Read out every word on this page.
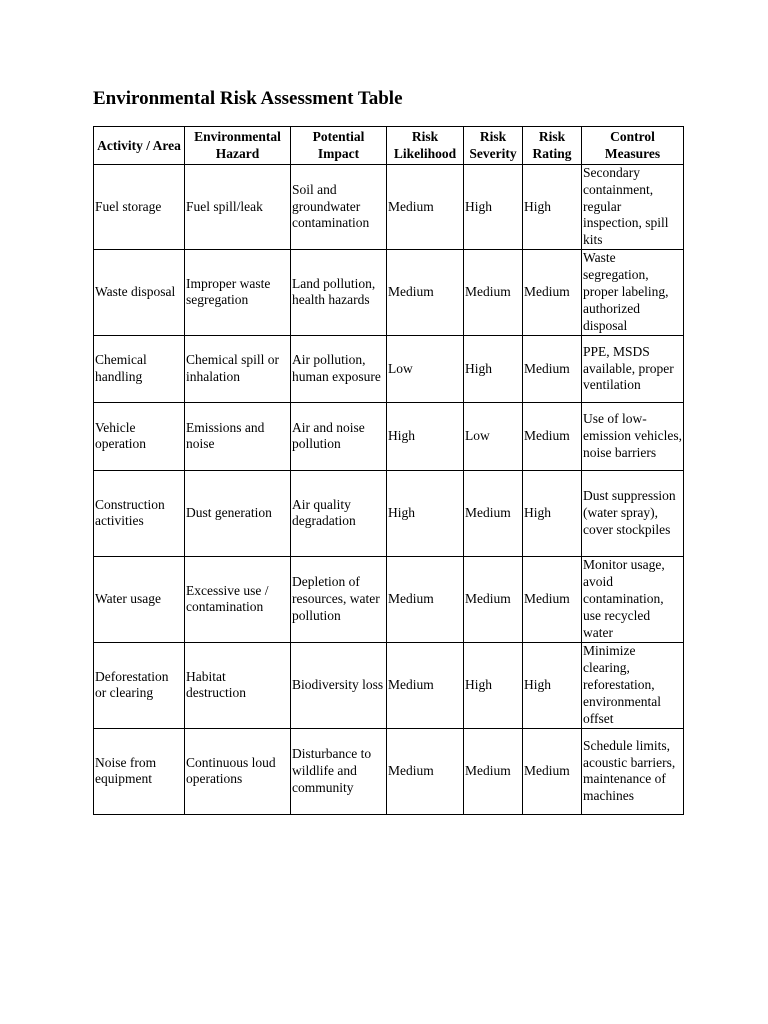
Environmental Risk Assessment Table
Activity / Area	Environmental Hazard	Potential Impact	Risk Likelihood	Risk Severity	Risk Rating	Control Measures
Fuel storage	Fuel spill/leak	Soil and groundwater contamination	Medium	High	High	Secondary containment, regular inspection, spill kits
Waste disposal	Improper waste segregation	Land pollution, health hazards	Medium	Medium	Medium	Waste segregation, proper labeling, authorized disposal
Chemical handling	Chemical spill or inhalation	Air pollution, human exposure	Low	High	Medium	PPE, MSDS available, proper ventilation
Vehicle operation	Emissions and noise	Air and noise pollution	High	Low	Medium	Use of low-emission vehicles, noise barriers
Construction activities	Dust generation	Air quality degradation	High	Medium	High	Dust suppression (water spray), cover stockpiles
Water usage	Excessive use / contamination	Depletion of resources, water pollution	Medium	Medium	Medium	Monitor usage, avoid contamination, use recycled water
Deforestation or clearing	Habitat destruction	Biodiversity loss	Medium	High	High	Minimize clearing, reforestation, environmental offset
Noise from equipment	Continuous loud operations	Disturbance to wildlife and community	Medium	Medium	Medium	Schedule limits, acoustic barriers, maintenance of machines
